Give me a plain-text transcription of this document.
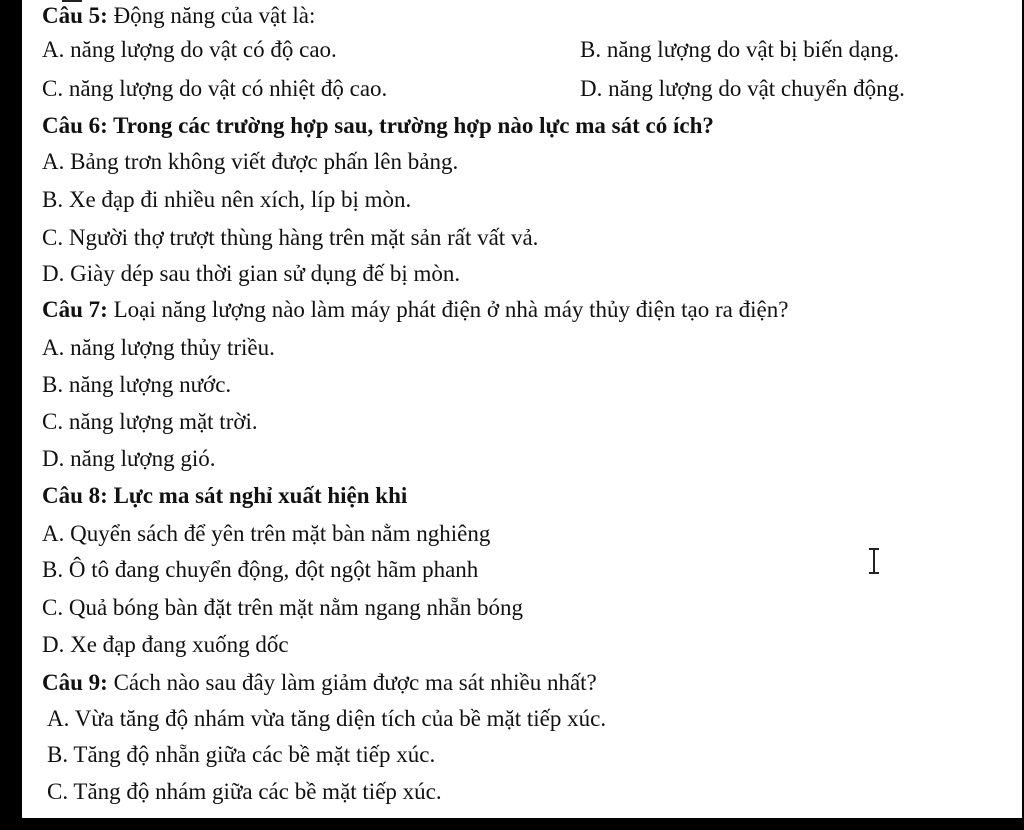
Câu 5: Động năng của vật là:
A. năng lượng do vật có độ cao.	B. năng lượng do vật bị biến dạng.
C. năng lượng do vật có nhiệt độ cao.	D. năng lượng do vật chuyển động.
Câu 6: Trong các trường hợp sau, trường hợp nào lực ma sát có ích?
A. Bảng trơn không viết được phấn lên bảng.
B. Xe đạp đi nhiều nên xích, líp bị mòn.
C. Người thợ trượt thùng hàng trên mặt sản rất vất vả.
D. Giày dép sau thời gian sử dụng đế bị mòn.
Câu 7: Loại năng lượng nào làm máy phát điện ở nhà máy thủy điện tạo ra điện?
A. năng lượng thủy triều.
B. năng lượng nước.
C. năng lượng mặt trời.
D. năng lượng gió.
Câu 8: Lực ma sát nghỉ xuất hiện khi
A. Quyển sách để yên trên mặt bàn nằm nghiêng
B. Ô tô đang chuyển động, đột ngột hãm phanh
C. Quả bóng bàn đặt trên mặt nằm ngang nhẵn bóng
D. Xe đạp đang xuống dốc
Câu 9: Cách nào sau đây làm giảm được ma sát nhiều nhất?
A. Vừa tăng độ nhám vừa tăng diện tích của bề mặt tiếp xúc.
B. Tăng độ nhẵn giữa các bề mặt tiếp xúc.
C. Tăng độ nhám giữa các bề mặt tiếp xúc.
